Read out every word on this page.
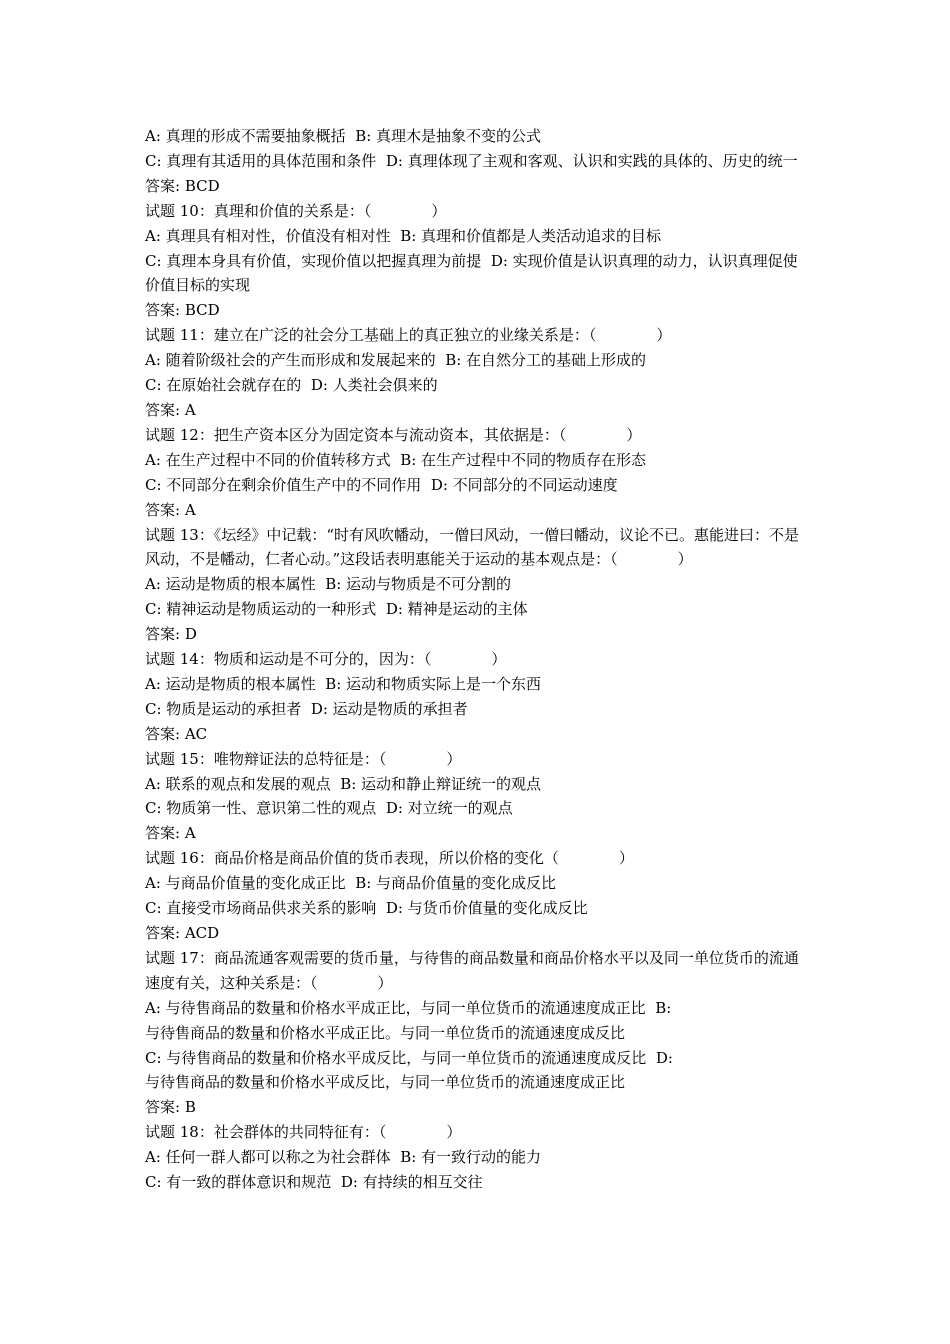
A: 真理的形成不需要抽象概括  B: 真理木是抽象不变的公式
C: 真理有其适用的具体范围和条件  D: 真理体现了主观和客观、认识和实践的具体的、历史的统一
答案: BCD
试题 10：真理和价值的关系是：（　　　　）
A: 真理具有相对性，价值没有相对性  B: 真理和价值都是人类活动追求的目标
C: 真理本身具有价值，实现价值以把握真理为前提  D: 实现价值是认识真理的动力，认识真理促使价值目标的实现
答案: BCD
试题 11：建立在广泛的社会分工基础上的真正独立的业缘关系是：（　　　　）
A: 随着阶级社会的产生而形成和发展起来的  B: 在自然分工的基础上形成的
C: 在原始社会就存在的  D: 人类社会俱来的
答案: A
试题 12：把生产资本区分为固定资本与流动资本，其依据是：（　　　　）
A: 在生产过程中不同的价值转移方式  B: 在生产过程中不同的物质存在形态
C: 不同部分在剩余价值生产中的不同作用  D: 不同部分的不同运动速度
答案: A
试题 13：《坛经》中记载：“时有风吹幡动，一僧曰风动，一僧曰幡动，议论不已。惠能进曰：不是风动，不是幡动，仁者心动。”这段话表明惠能关于运动的基本观点是：（　　　　）
A: 运动是物质的根本属性  B: 运动与物质是不可分割的
C: 精神运动是物质运动的一种形式  D: 精神是运动的主体
答案: D
试题 14：物质和运动是不可分的，因为：（　　　　）
A: 运动是物质的根本属性  B: 运动和物质实际上是一个东西
C: 物质是运动的承担者  D: 运动是物质的承担者
答案: AC
试题 15：唯物辩证法的总特征是：（　　　　）
A: 联系的观点和发展的观点  B: 运动和静止辩证统一的观点
C: 物质第一性、意识第二性的观点  D: 对立统一的观点
答案: A
试题 16：商品价格是商品价值的货币表现，所以价格的变化（　　　　）
A: 与商品价值量的变化成正比  B: 与商品价值量的变化成反比
C: 直接受市场商品供求关系的影响  D: 与货币价值量的变化成反比
答案: ACD
试题 17：商品流通客观需要的货币量，与待售的商品数量和商品价格水平以及同一单位货币的流通速度有关，这种关系是：（　　　　）
A: 与待售商品的数量和价格水平成正比，与同一单位货币的流通速度成正比  B:
与待售商品的数量和价格水平成正比。与同一单位货币的流通速度成反比
C: 与待售商品的数量和价格水平成反比，与同一单位货币的流通速度成反比  D:
与待售商品的数量和价格水平成反比，与同一单位货币的流通速度成正比
答案: B
试题 18：社会群体的共同特征有：（　　　　）
A: 任何一群人都可以称之为社会群体  B: 有一致行动的能力
C: 有一致的群体意识和规范  D: 有持续的相互交往
